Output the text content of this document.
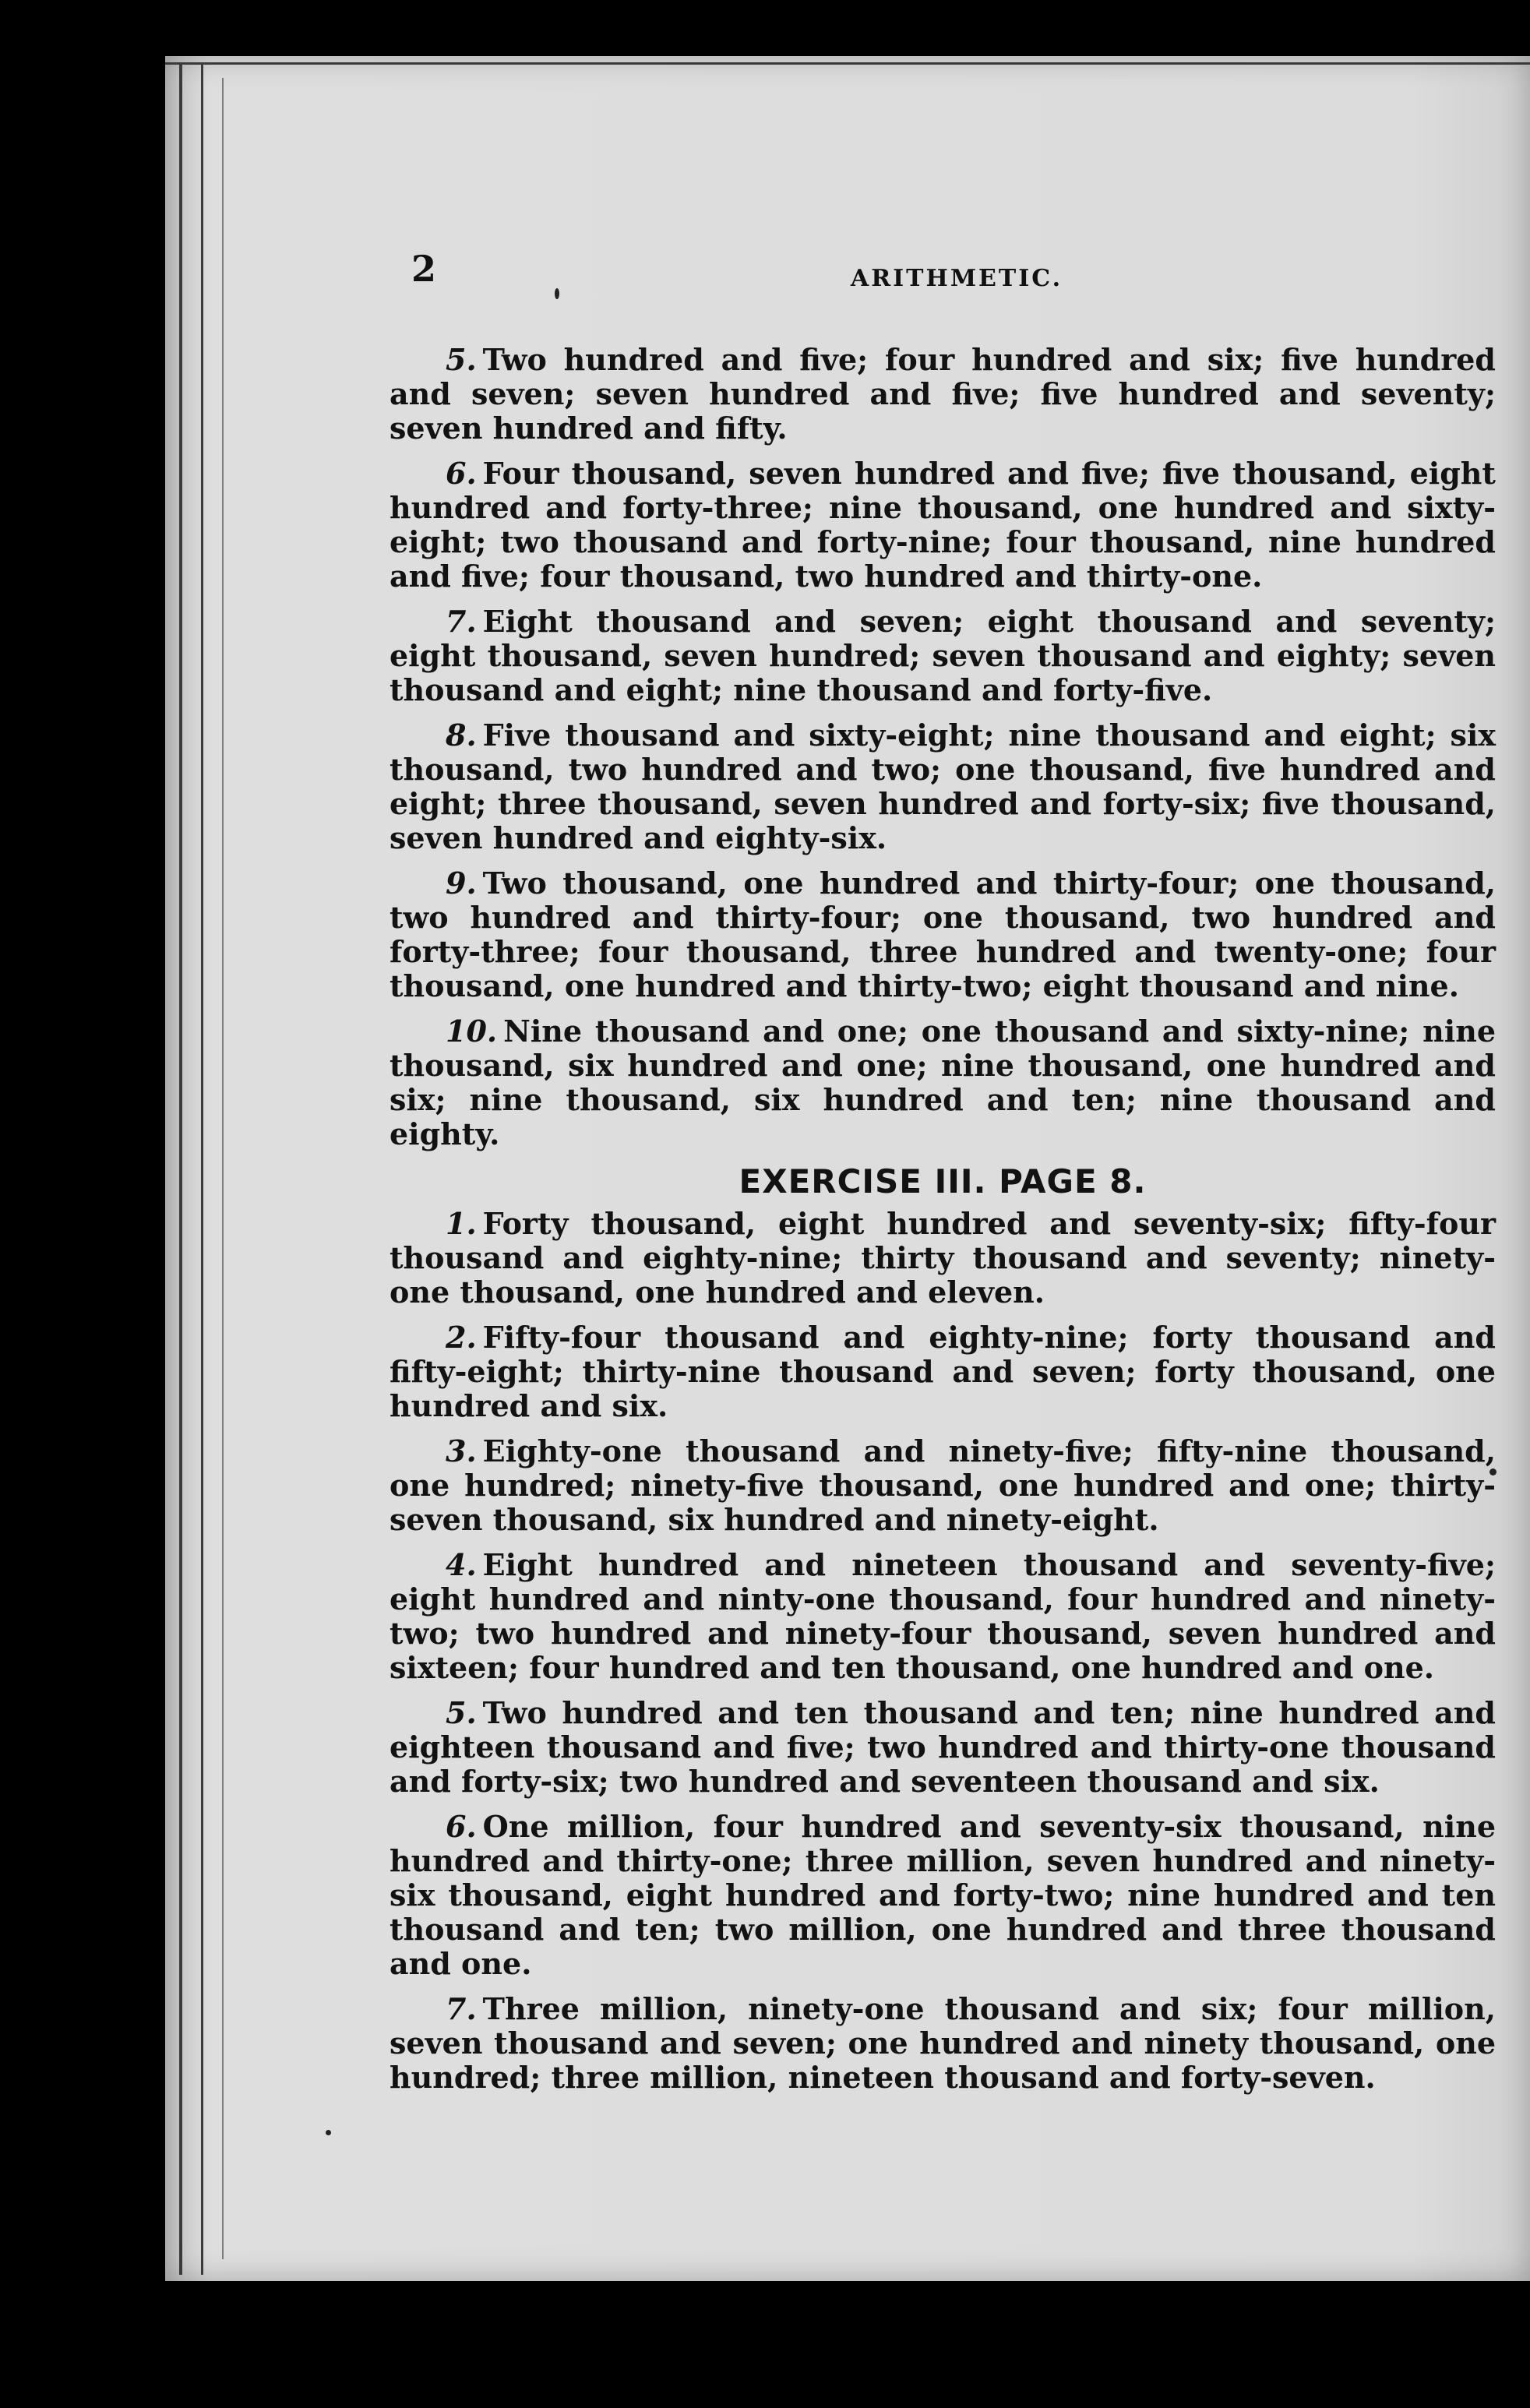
2	ARITHMETIC.

5. Two hundred and five; four hundred and six; five hundred and seven; seven hundred and five; five hundred and seventy; seven hundred and fifty.

6. Four thousand, seven hundred and five; five thousand, eight hundred and forty-three; nine thousand, one hundred and sixty-eight; two thousand and forty-nine; four thousand, nine hundred and five; four thousand, two hundred and thirty-one.

7. Eight thousand and seven; eight thousand and seventy; eight thousand, seven hundred; seven thousand and eighty; seven thousand and eight; nine thousand and forty-five.

8. Five thousand and sixty-eight; nine thousand and eight; six thousand, two hundred and two; one thousand, five hundred and eight; three thousand, seven hundred and forty-six; five thousand, seven hundred and eighty-six.

9. Two thousand, one hundred and thirty-four; one thousand, two hundred and thirty-four; one thousand, two hundred and forty-three; four thousand, three hundred and twenty-one; four thousand, one hundred and thirty-two; eight thousand and nine.

10. Nine thousand and one; one thousand and sixty-nine; nine thousand, six hundred and one; nine thousand, one hundred and six; nine thousand, six hundred and ten; nine thousand and eighty.

EXERCISE III. PAGE 8.

1. Forty thousand, eight hundred and seventy-six; fifty-four thousand and eighty-nine; thirty thousand and seventy; ninety-one thousand, one hundred and eleven.

2. Fifty-four thousand and eighty-nine; forty thousand and fifty-eight; thirty-nine thousand and seven; forty thousand, one hundred and six.

3. Eighty-one thousand and ninety-five; fifty-nine thousand, one hundred; ninety-five thousand, one hundred and one; thirty-seven thousand, six hundred and ninety-eight.

4. Eight hundred and nineteen thousand and seventy-five; eight hundred and ninty-one thousand, four hundred and ninety-two; two hundred and ninety-four thousand, seven hundred and sixteen; four hundred and ten thousand, one hundred and one.

5. Two hundred and ten thousand and ten; nine hundred and eighteen thousand and five; two hundred and thirty-one thousand and forty-six; two hundred and seventeen thousand and six.

6. One million, four hundred and seventy-six thousand, nine hundred and thirty-one; three million, seven hundred and ninety-six thousand, eight hundred and forty-two; nine hundred and ten thousand and ten; two million, one hundred and three thousand and one.

7. Three million, ninety-one thousand and six; four million, seven thousand and seven; one hundred and ninety thousand, one hundred; three million, nineteen thousand and forty-seven.
